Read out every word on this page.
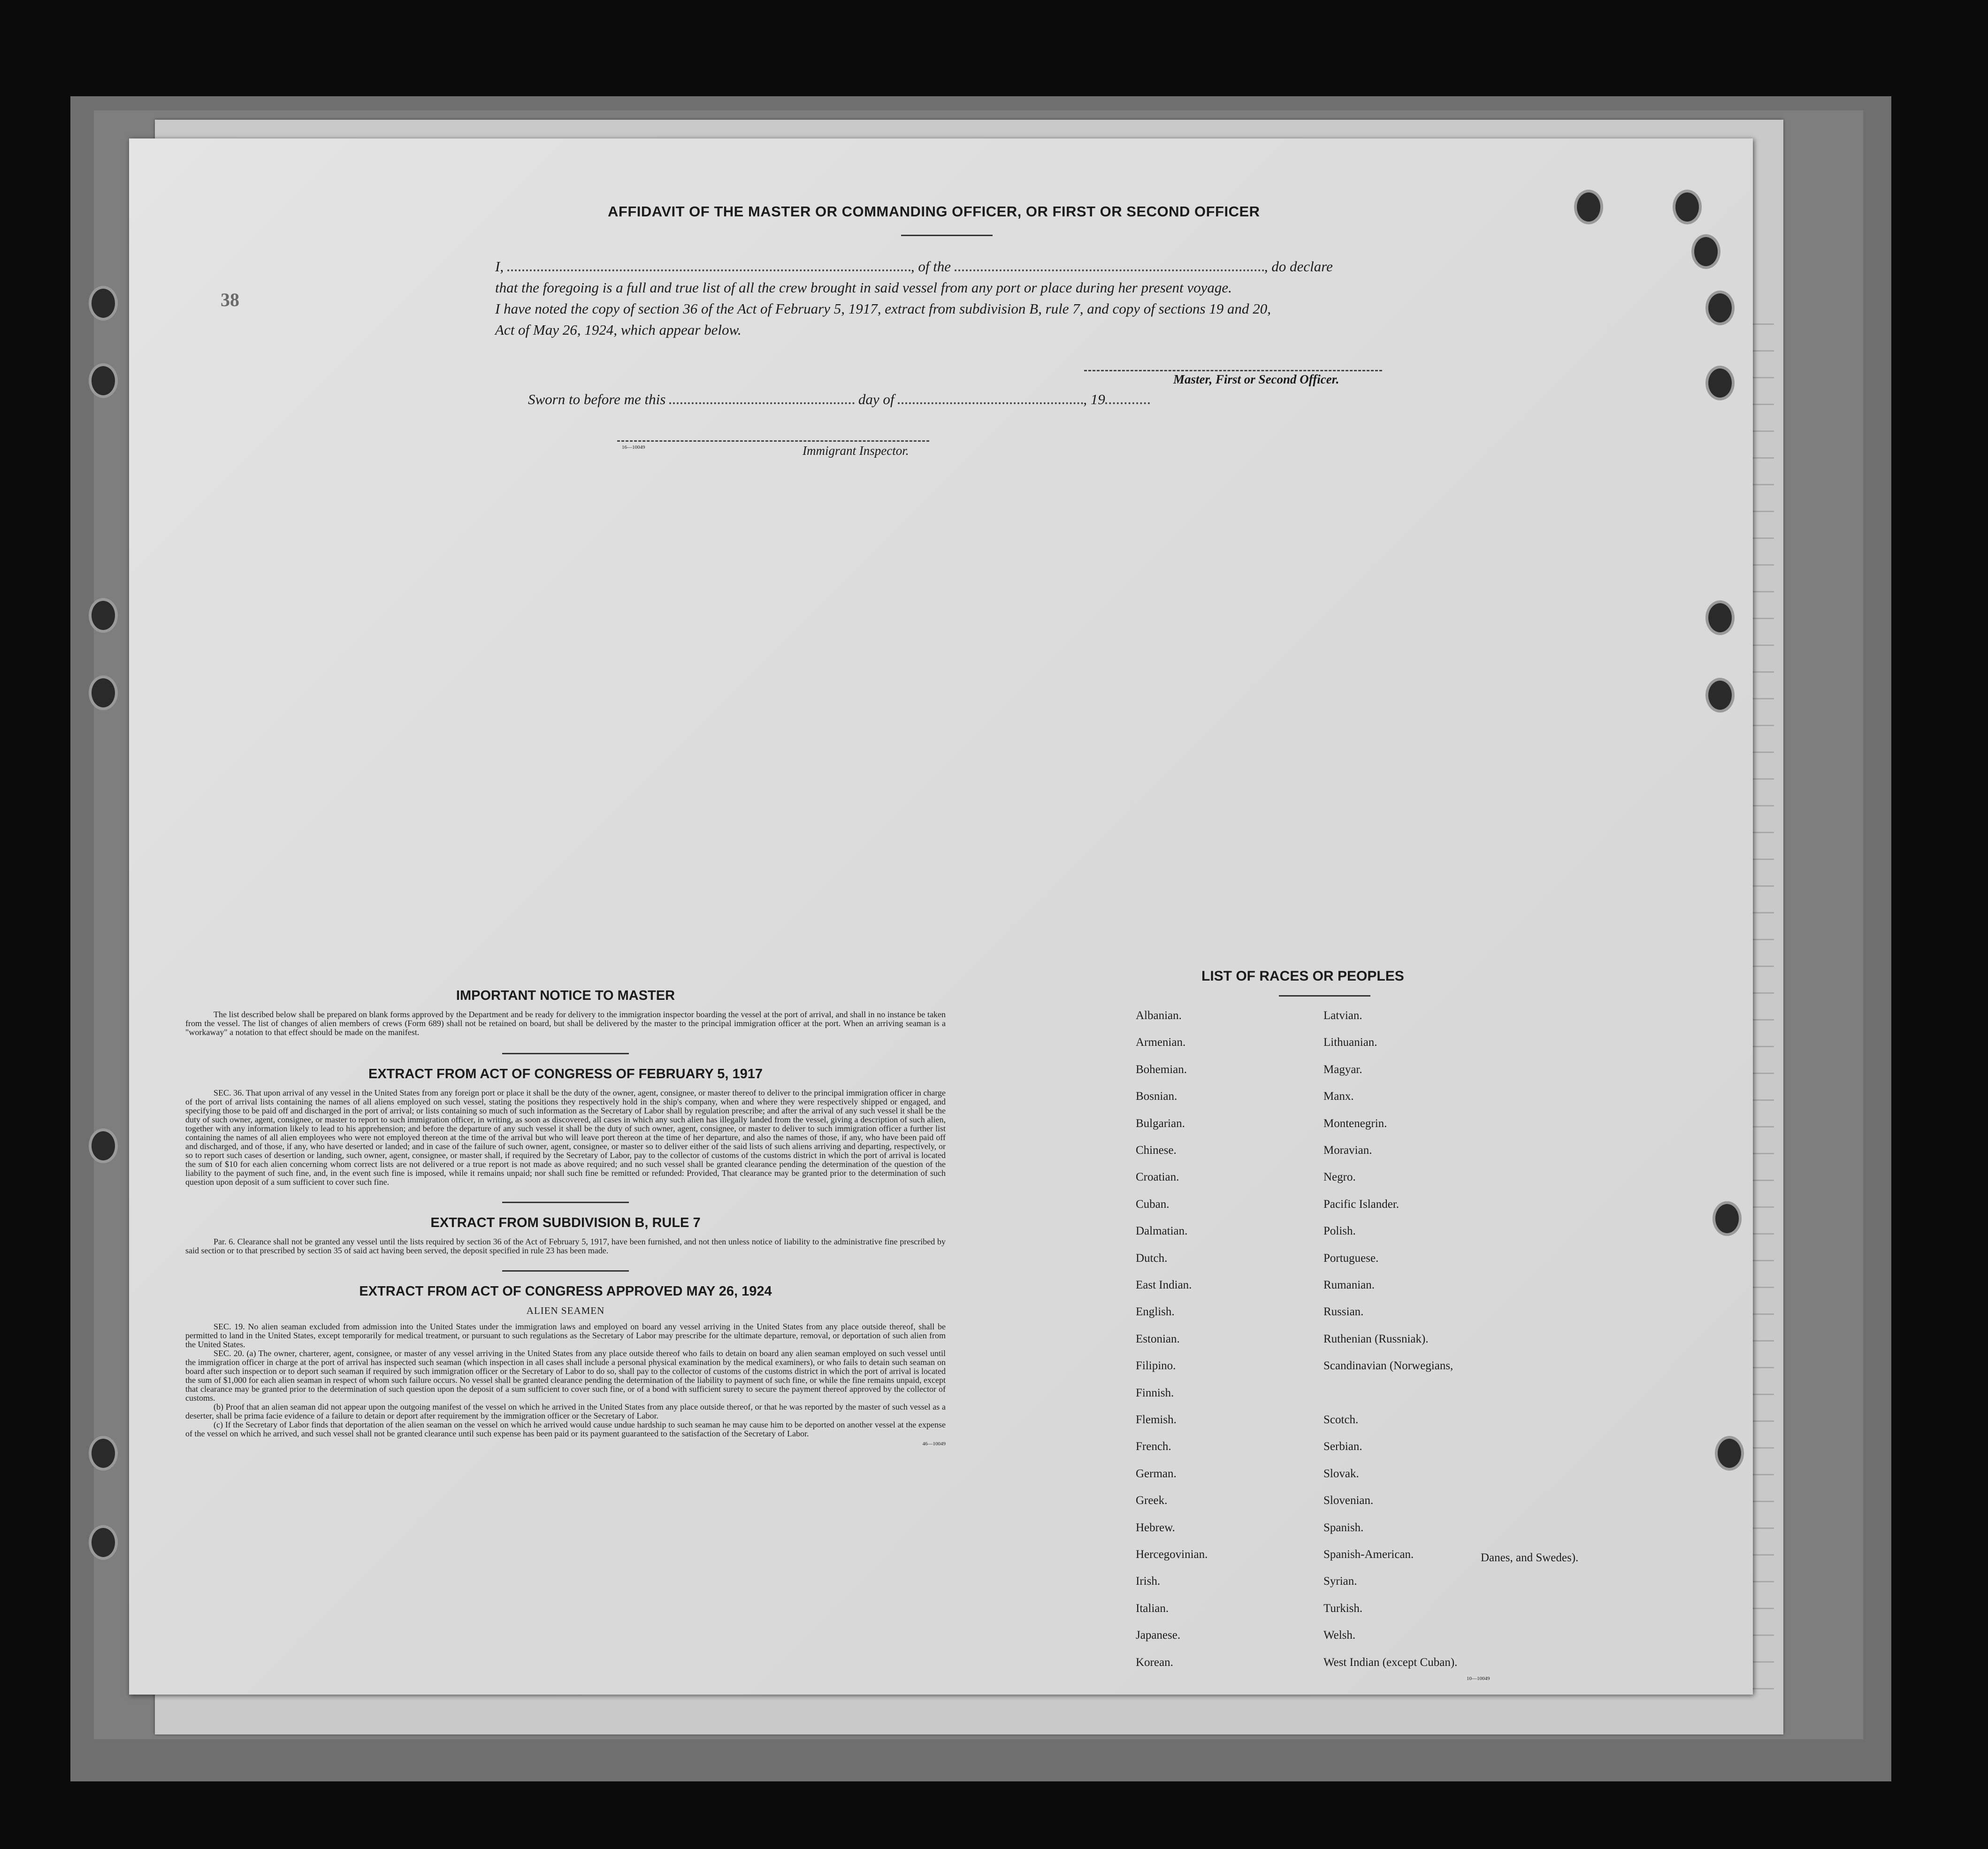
AFFIDAVIT OF THE MASTER OR COMMANDING OFFICER, OR FIRST OR SECOND OFFICER
I,	, of the	, do declare
that the foregoing is a full and true list of all the crew brought in said vessel from any port or place during her present voyage.
I have noted the copy of section 36 of the Act of February 5, 1917, extract from subdivision B, rule 7, and copy of sections 19 and 20,
Act of May 26, 1924, which appear below.
Master, First or Second Officer.
Sworn to before me this	day of	, 19
16—10049	Immigrant Inspector.
38
IMPORTANT NOTICE TO MASTER

The list described below shall be prepared on blank forms approved by the Department and be ready for delivery to the immigration inspector boarding the vessel at the port of arrival, and shall in no instance be taken from the vessel. The list of changes of alien members of crews (Form 689) shall not be retained on board, but shall be delivered by the master to the principal immigration officer at the port. When an arriving seaman is a "workaway" a notation to that effect should be made on the manifest.

EXTRACT FROM ACT OF CONGRESS OF FEBRUARY 5, 1917

SEC. 36. That upon arrival of any vessel in the United States from any foreign port or place it shall be the duty of the owner, agent, consignee, or master thereof to deliver to the principal immigration officer in charge of the port of arrival lists containing the names of all aliens employed on such vessel, stating the positions they respectively hold in the ship's company, when and where they were respectively shipped or engaged, and specifying those to be paid off and discharged in the port of arrival; or lists containing so much of such information as the Secretary of Labor shall by regulation prescribe; and after the arrival of any such vessel it shall be the duty of such owner, agent, consignee, or master to report to such immigration officer, in writing, as soon as discovered, all cases in which any such alien has illegally landed from the vessel, giving a description of such alien, together with any information likely to lead to his apprehension; and before the departure of any such vessel it shall be the duty of such owner, agent, consignee, or master to deliver to such immigration officer a further list containing the names of all alien employees who were not employed thereon at the time of the arrival but who will leave port thereon at the time of her departure, and also the names of those, if any, who have been paid off and discharged, and of those, if any, who have deserted or landed; and in case of the failure of such owner, agent, consignee, or master so to deliver either of the said lists of such aliens arriving and departing, respectively, or so to report such cases of desertion or landing, such owner, agent, consignee, or master shall, if required by the Secretary of Labor, pay to the collector of customs of the customs district in which the port of arrival is located the sum of $10 for each alien concerning whom correct lists are not delivered or a true report is not made as above required; and no such vessel shall be granted clearance pending the determination of the question of the liability to the payment of such fine, and, in the event such fine is imposed, while it remains unpaid; nor shall such fine be remitted or refunded: Provided, That clearance may be granted prior to the determination of such question upon deposit of a sum sufficient to cover such fine.

EXTRACT FROM SUBDIVISION B, RULE 7

Par. 6. Clearance shall not be granted any vessel until the lists required by section 36 of the Act of February 5, 1917, have been furnished, and not then unless notice of liability to the administrative fine prescribed by said section or to that prescribed by section 35 of said act having been served, the deposit specified in rule 23 has been made.

EXTRACT FROM ACT OF CONGRESS APPROVED MAY 26, 1924
ALIEN SEAMEN

SEC. 19. No alien seaman excluded from admission into the United States under the immigration laws and employed on board any vessel arriving in the United States from any place outside thereof, shall be permitted to land in the United States, except temporarily for medical treatment, or pursuant to such regulations as the Secretary of Labor may prescribe for the ultimate departure, removal, or deportation of such alien from the United States.

SEC. 20. (a) The owner, charterer, agent, consignee, or master of any vessel arriving in the United States from any place outside thereof who fails to detain on board any alien seaman employed on such vessel until the immigration officer in charge at the port of arrival has inspected such seaman (which inspection in all cases shall include a personal physical examination by the medical examiners), or who fails to detain such seaman on board after such inspection or to deport such seaman if required by such immigration officer or the Secretary of Labor to do so, shall pay to the collector of customs of the customs district in which the port of arrival is located the sum of $1,000 for each alien seaman in respect of whom such failure occurs. No vessel shall be granted clearance pending the determination of the liability to payment of such fine, or while the fine remains unpaid, except that clearance may be granted prior to the determination of such question upon the deposit of a sum sufficient to cover such fine, or of a bond with sufficient surety to secure the payment thereof approved by the collector of customs.

(b) Proof that an alien seaman did not appear upon the outgoing manifest of the vessel on which he arrived in the United States from any place outside thereof, or that he was reported by the master of such vessel as a deserter, shall be prima facie evidence of a failure to detain or deport after requirement by the immigration officer or the Secretary of Labor.

(c) If the Secretary of Labor finds that deportation of the alien seaman on the vessel on which he arrived would cause undue hardship to such seaman he may cause him to be deported on another vessel at the expense of the vessel on which he arrived, and such vessel shall not be granted clearance until such expense has been paid or its payment guaranteed to the satisfaction of the Secretary of Labor.

46—10049
LIST OF RACES OR PEOPLES
Albanian.
Armenian.
Bohemian.
Bosnian.
Bulgarian.
Chinese.
Croatian.
Cuban.
Dalmatian.
Dutch.
East Indian.
English.
Estonian.
Filipino.
Finnish.
Flemish.
French.
German.
Greek.
Hebrew.
Hercegovinian.
Irish.
Italian.
Japanese.
Korean.
Latvian.
Lithuanian.
Magyar.
Manx.
Montenegrin.
Moravian.
Negro.
Pacific Islander.
Polish.
Portuguese.
Rumanian.
Russian.
Ruthenian (Russniak).
Scandinavian (Norwegians,
Scotch.
Serbian.
Slovak.
Slovenian.
Spanish.
Spanish-American.
Syrian.
Turkish.
Welsh.
West Indian (except Cuban).
Danes, and Swedes).
10—10049
